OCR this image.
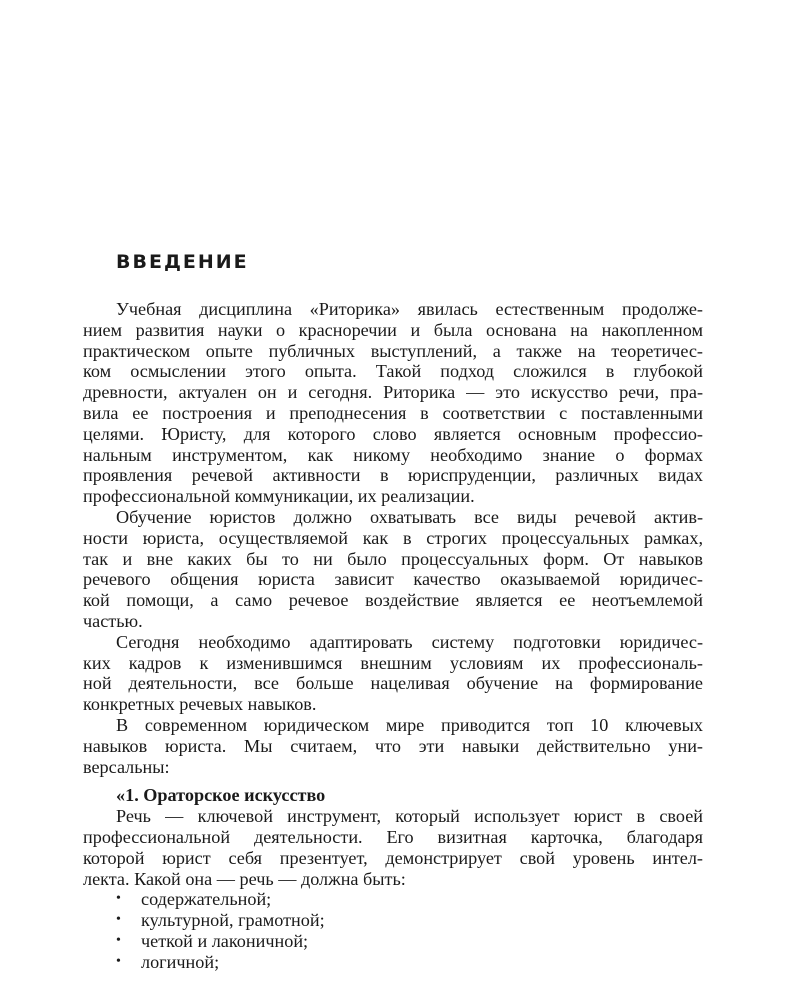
ВВЕДЕНИЕ
Учебная дисциплина «Риторика» явилась естественным продолже-
нием развития науки о красноречии и была основана на накопленном
практическом опыте публичных выступлений, а также на теоретичес-
ком осмыслении этого опыта. Такой подход сложился в глубокой
древности, актуален он и сегодня. Риторика — это искусство речи, пра-
вила ее построения и преподнесения в соответствии с поставленными
целями. Юристу, для которого слово является основным профессио-
нальным инструментом, как никому необходимо знание о формах
проявления речевой активности в юриспруденции, различных видах
профессиональной коммуникации, их реализации.
Обучение юристов должно охватывать все виды речевой актив-
ности юриста, осуществляемой как в строгих процессуальных рамках,
так и вне каких бы то ни было процессуальных форм. От навыков
речевого общения юриста зависит качество оказываемой юридичес-
кой помощи, а само речевое воздействие является ее неотъемлемой
частью.
Сегодня необходимо адаптировать систему подготовки юридичес-
ких кадров к изменившимся внешним условиям их профессиональ-
ной деятельности, все больше нацеливая обучение на формирование
конкретных речевых навыков.
В современном юридическом мире приводится топ 10 ключевых
навыков юриста. Мы считаем, что эти навыки действительно уни-
версальны:
«1. Ораторское искусство
Речь — ключевой инструмент, который использует юрист в своей
профессиональной деятельности. Его визитная карточка, благодаря
которой юрист себя презентует, демонстрирует свой уровень интел-
лекта. Какой она — речь — должна быть:
• содержательной;
• культурной, грамотной;
• четкой и лаконичной;
• логичной;
